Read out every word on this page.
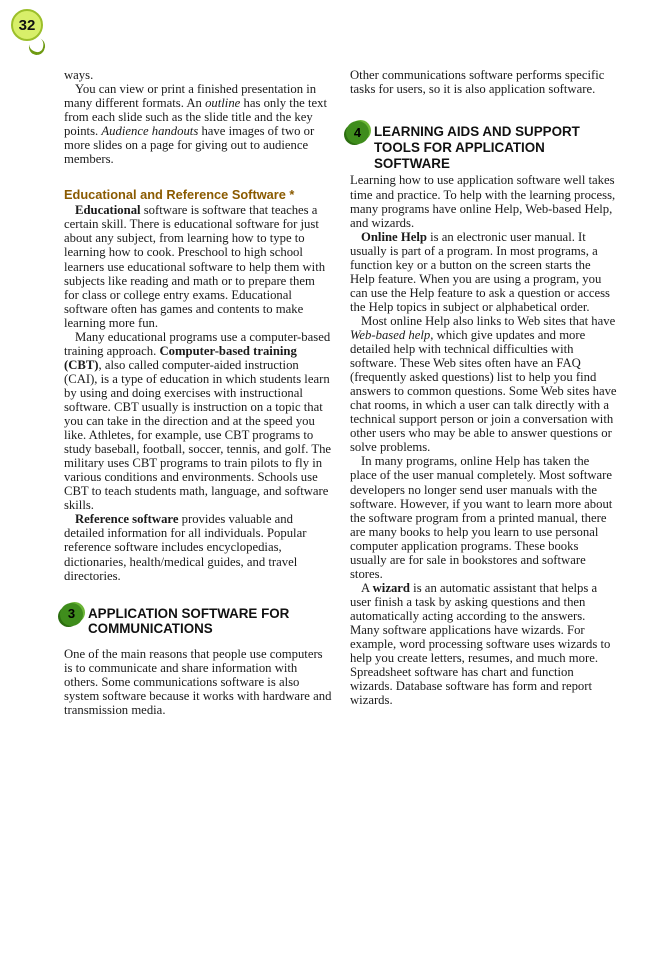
32

ways.

You can view or print a finished presentation in many different formats. An outline has only the text from each slide such as the slide title and the key points. Audience handouts have images of two or more slides on a page for giving out to audience members.

Educational and Reference Software *

Educational software is software that teaches a certain skill. There is educational software for just about any subject, from learning how to type to learning how to cook. Preschool to high school learners use educational software to help them with subjects like reading and math or to prepare them for class or college entry exams. Educational software often has games and contents to make learning more fun.

Many educational programs use a computer-based training approach. Computer-based training (CBT), also called computer-aided instruction (CAI), is a type of education in which students learn by using and doing exercises with instructional software. CBT usually is instruction on a topic that you can take in the direction and at the speed you like. Athletes, for example, use CBT programs to study baseball, football, soccer, tennis, and golf. The military uses CBT programs to train pilots to fly in various conditions and environments. Schools use CBT to teach students math, language, and software skills.

Reference software provides valuable and detailed information for all individuals. Popular reference software includes encyclopedias, dictionaries, health/medical guides, and travel directories.

3 APPLICATION SOFTWARE FOR COMMUNICATIONS

One of the main reasons that people use computers is to communicate and share information with others. Some communications software is also system software because it works with hardware and transmission media.

Other communications software performs specific tasks for users, so it is also application software.

4 LEARNING AIDS AND SUPPORT TOOLS FOR APPLICATION SOFTWARE

Learning how to use application software well takes time and practice. To help with the learning process, many programs have online Help, Web-based Help, and wizards.

Online Help is an electronic user manual. It usually is part of a program. In most programs, a function key or a button on the screen starts the Help feature. When you are using a program, you can use the Help feature to ask a question or access the Help topics in subject or alphabetical order.

Most online Help also links to Web sites that have Web-based help, which give updates and more detailed help with technical difficulties with software. These Web sites often have an FAQ (frequently asked questions) list to help you find answers to common questions. Some Web sites have chat rooms, in which a user can talk directly with a technical support person or join a conversation with other users who may be able to answer questions or solve problems.

In many programs, online Help has taken the place of the user manual completely. Most software developers no longer send user manuals with the software. However, if you want to learn more about the software program from a printed manual, there are many books to help you learn to use personal computer application programs. These books usually are for sale in bookstores and software stores.

A wizard is an automatic assistant that helps a user finish a task by asking questions and then automatically acting according to the answers. Many software applications have wizards. For example, word processing software uses wizards to help you create letters, resumes, and much more. Spreadsheet software has chart and function wizards. Database software has form and report wizards.
